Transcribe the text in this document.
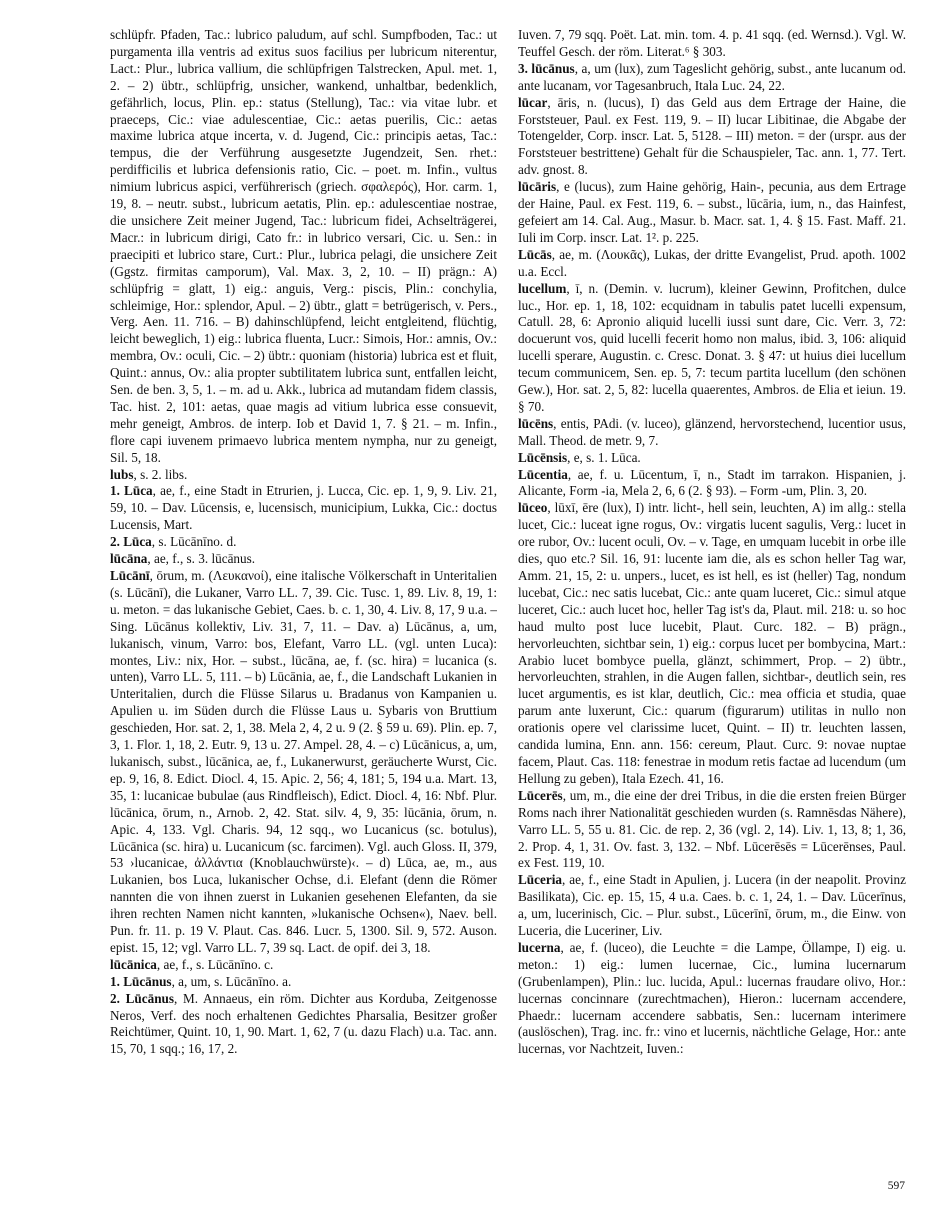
schlüpfr. Pfaden, Tac.: lubrico paludum, auf schl. Sumpfboden, Tac.: ut purgamenta illa ventris ad exitus suos facilius per lubricum niterentur, Lact.: Plur., lubrica vallium, die schlüpfrigen Talstrecken, Apul. met. 1, 2. – 2) übtr., schlüpfrig, unsicher, wankend, unhaltbar, bedenklich, gefährlich, locus, Plin. ep.: status (Stellung), Tac.: via vitae lubr. et praeceps, Cic.: viae adulescentiae, Cic.: aetas puerilis, Cic.: aetas maxime lubrica atque incerta, v. d. Jugend, Cic.: principis aetas, Tac.: tempus, die der Verführung ausgesetzte Jugendzeit, Sen. rhet.: perdifficilis et lubrica defensionis ratio, Cic. – poet. m. Infin., vultus nimium lubricus aspici, verführerisch (griech. σφαλερός), Hor. carm. 1, 19, 8. – neutr. subst., lubricum aetatis, Plin. ep.: adulescentiae nostrae, die unsichere Zeit meiner Jugend, Tac.: lubricum fidei, Achselträgerei, Macr.: in lubricum dirigi, Cato fr.: in lubrico versari, Cic. u. Sen.: in praecipiti et lubrico stare, Curt.: Plur., lubrica pelagi, die unsichere Zeit (Ggstz. firmitas camporum), Val. Max. 3, 2, 10. – II) prägn.: A) schlüpfrig = glatt, 1) eig.: anguis, Verg.: piscis, Plin.: conchylia, schleimige, Hor.: splendor, Apul. – 2) übtr., glatt = betrügerisch, v. Pers., Verg. Aen. 11. 716. – B) dahinschlüpfend, leicht entgleitend, flüchtig, leicht beweglich, 1) eig.: lubrica fluenta, Lucr.: Simois, Hor.: amnis, Ov.: membra, Ov.: oculi, Cic. – 2) übtr.: quoniam (historia) lubrica est et fluit, Quint.: annus, Ov.: alia propter subtilitatem lubrica sunt, entfallen leicht, Sen. de ben. 3, 5, 1. – m. ad u. Akk., lubrica ad mutandam fidem classis, Tac. hist. 2, 101: aetas, quae magis ad vitium lubrica esse consuevit, mehr geneigt, Ambros. de interp. Iob et David 1, 7. § 21. – m. Infin., flore capi iuvenem primaevo lubrica mentem nympha, nur zu geneigt, Sil. 5, 18.

lubs, s. 2. libs.

1. Lūca, ae, f., eine Stadt in Etrurien, j. Lucca, Cic. ep. 1, 9, 9. Liv. 21, 59, 10. – Dav. Lūcensis, e, lucensisch, municipium, Lukka, Cic.: doctus Lucensis, Mart.

2. Lūca, s. Lūcānīno. d.

lūcāna, ae, f., s. 3. lūcānus.

Lūcānī, ōrum, m. (Λευκανοί), eine italische Völkerschaft in Unteritalien (s. Lūcānī), die Lukaner, Varro LL. 7, 39. Cic. Tusc. 1, 89. Liv. 8, 19, 1: u. meton. = das lukanische Gebiet, Caes. b. c. 1, 30, 4. Liv. 8, 17, 9 u.a. – Sing. Lūcānus kollektiv, Liv. 31, 7, 11. – Dav. a) Lūcānus, a, um, lukanisch, vinum, Varro: bos, Elefant, Varro LL. (vgl. unten Luca): montes, Liv.: nix, Hor. – subst., lūcāna, ae, f. (sc. hira) = lucanica (s. unten), Varro LL. 5, 111. – b) Lūcānia, ae, f., die Landschaft Lukanien in Unteritalien, durch die Flüsse Silarus u. Bradanus von Kampanien u. Apulien u. im Süden durch die Flüsse Laus u. Sybaris von Bruttium geschieden, Hor. sat. 2, 1, 38. Mela 2, 4, 2 u. 9 (2. § 59 u. 69). Plin. ep. 7, 3, 1. Flor. 1, 18, 2. Eutr. 9, 13 u. 27. Ampel. 28, 4. – c) Lūcānicus, a, um, lukanisch, subst., lūcānica, ae, f., Lukanerwurst, geräucherte Wurst, Cic. ep. 9, 16, 8. Edict. Diocl. 4, 15. Apic. 2, 56; 4, 181; 5, 194 u.a. Mart. 13, 35, 1: lucanicae bubulae (aus Rindfleisch), Edict. Diocl. 4, 16: Nbf. Plur. lūcānica, ōrum, n., Arnob. 2, 42. Stat. silv. 4, 9, 35: lūcānia, ōrum, n. Apic. 4, 133. Vgl. Charis. 94, 12 sqq., wo Lucanicus (sc. botulus), Lūcānica (sc. hira) u. Lucanicum (sc. farcimen). Vgl. auch Gloss. II, 379, 53 ›lucanicae, ἀλλάντια (Knoblauchwürste)‹. – d) Lūca, ae, m., aus Lukanien, bos Luca, lukanischer Ochse, d.i. Elefant (denn die Römer nannten die von ihnen zuerst in Lukanien gesehenen Elefanten, da sie ihren rechten Namen nicht kannten, »lukanische Ochsen«), Naev. bell. Pun. fr. 11. p. 19 V. Plaut. Cas. 846. Lucr. 5, 1300. Sil. 9, 572. Auson. epist. 15, 12; vgl. Varro LL. 7, 39 sq. Lact. de opif. dei 3, 18.

lūcānica, ae, f., s. Lūcānīno. c.

1. Lūcānus, a, um, s. Lūcānīno. a.

2. Lūcānus, M. Annaeus, ein röm. Dichter aus Korduba, Zeitgenosse Neros, Verf. des noch erhaltenen Gedichtes Pharsalia, Besitzer großer Reichtümer, Quint. 10, 1, 90. Mart. 1, 62, 7 (u. dazu Flach) u.a. Tac. ann. 15, 70, 1 sqq.; 16, 17, 2.

Iuven. 7, 79 sqq. Poët. Lat. min. tom. 4. p. 41 sqq. (ed. Wernsd.). Vgl. W. Teuffel Gesch. der röm. Literat.⁶ § 303.

3. lūcānus, a, um (lux), zum Tageslicht gehörig, subst., ante lucanum od. ante lucanam, vor Tagesanbruch, Itala Luc. 24, 22.

lūcar, āris, n. (lucus), I) das Geld aus dem Ertrage der Haine, die Forststeuer, Paul. ex Fest. 119, 9. – II) lucar Libitinae, die Abgabe der Totengelder, Corp. inscr. Lat. 5, 5128. – III) meton. = der (urspr. aus der Forststeuer bestrittene) Gehalt für die Schauspieler, Tac. ann. 1, 77. Tert. adv. gnost. 8.

lūcāris, e (lucus), zum Haine gehörig, Hain-, pecunia, aus dem Ertrage der Haine, Paul. ex Fest. 119, 6. – subst., lūcāria, ium, n., das Hainfest, gefeiert am 14. Cal. Aug., Masur. b. Macr. sat. 1, 4. § 15. Fast. Maff. 21. Iuli im Corp. inscr. Lat. 1². p. 225.

Lūcās, ae, m. (Λουκᾶς), Lukas, der dritte Evangelist, Prud. apoth. 1002 u.a. Eccl.

lucellum, ī, n. (Demin. v. lucrum), kleiner Gewinn, Profitchen, dulce luc., Hor. ep. 1, 18, 102: ecquidnam in tabulis patet lucelli expensum, Catull. 28, 6: Apronio aliquid lucelli iussi sunt dare, Cic. Verr. 3, 72: docuerunt vos, quid lucelli fecerit homo non malus, ibid. 3, 106: aliquid lucelli sperare, Augustin. c. Cresc. Donat. 3. § 47: ut huius diei lucellum tecum communicem, Sen. ep. 5, 7: tecum partita lucellum (den schönen Gew.), Hor. sat. 2, 5, 82: lucella quaerentes, Ambros. de Elia et ieiun. 19. § 70.

lūcēns, entis, PAdi. (v. luceo), glänzend, hervorstechend, lucentior usus, Mall. Theod. de metr. 9, 7.

Lūcēnsis, e, s. 1. Lūca.

Lūcentia, ae, f. u. Lūcentum, ī, n., Stadt im tarrakon. Hispanien, j. Alicante, Form -ia, Mela 2, 6, 6 (2. § 93). – Form -um, Plin. 3, 20.

lūceo, lūxī, ēre (lux), I) intr. licht-, hell sein, leuchten, A) im allg.: stella lucet, Cic.: luceat igne rogus, Ov.: virgatis lucent sagulis, Verg.: lucet in ore rubor, Ov.: lucent oculi, Ov. – v. Tage, en umquam lucebit in orbe ille dies, quo etc.? Sil. 16, 91: lucente iam die, als es schon heller Tag war, Amm. 21, 15, 2: u. unpers., lucet, es ist hell, es ist (heller) Tag, nondum lucebat, Cic.: nec satis lucebat, Cic.: ante quam luceret, Cic.: simul atque luceret, Cic.: auch lucet hoc, heller Tag ist's da, Plaut. mil. 218: u. so hoc haud multo post luce lucebit, Plaut. Curc. 182. – B) prägn., hervorleuchten, sichtbar sein, 1) eig.: corpus lucet per bombycina, Mart.: Arabio lucet bombyce puella, glänzt, schimmert, Prop. – 2) übtr., hervorleuchten, strahlen, in die Augen fallen, sichtbar-, deutlich sein, res lucet argumentis, es ist klar, deutlich, Cic.: mea officia et studia, quae parum ante luxerunt, Cic.: quarum (figurarum) utilitas in nullo non orationis opere vel clarissime lucet, Quint. – II) tr. leuchten lassen, candida lumina, Enn. ann. 156: cereum, Plaut. Curc. 9: novae nuptae facem, Plaut. Cas. 118: fenestrae in modum retis factae ad lucendum (um Hellung zu geben), Itala Ezech. 41, 16.

Lūcerēs, um, m., die eine der drei Tribus, in die die ersten freien Bürger Roms nach ihrer Nationalität geschieden wurden (s. Ramnēsdas Nähere), Varro LL. 5, 55 u. 81. Cic. de rep. 2, 36 (vgl. 2, 14). Liv. 1, 13, 8; 1, 36, 2. Prop. 4, 1, 31. Ov. fast. 3, 132. – Nbf. Lūcerēsēs = Lūcerēnses, Paul. ex Fest. 119, 10.

Lūceria, ae, f., eine Stadt in Apulien, j. Lucera (in der neapolit. Provinz Basilikata), Cic. ep. 15, 15, 4 u.a. Caes. b. c. 1, 24, 1. – Dav. Lūcerīnus, a, um, lucerinisch, Cic. – Plur. subst., Lūcerīnī, ōrum, m., die Einw. von Luceria, die Luceriner, Liv.

lucerna, ae, f. (luceo), die Leuchte = die Lampe, Öllampe, I) eig. u. meton.: 1) eig.: lumen lucernae, Cic., lumina lucernarum (Grubenlampen), Plin.: luc. lucida, Apul.: lucernas fraudare olivo, Hor.: lucernas concinnare (zurechtmachen), Hieron.: lucernam accendere, Phaedr.: lucernam accendere sabbatis, Sen.: lucernam interimere (auslöschen), Trag. inc. fr.: vino et lucernis, nächtliche Gelage, Hor.: ante lucernas, vor Nachtzeit, Iuven.:

597
